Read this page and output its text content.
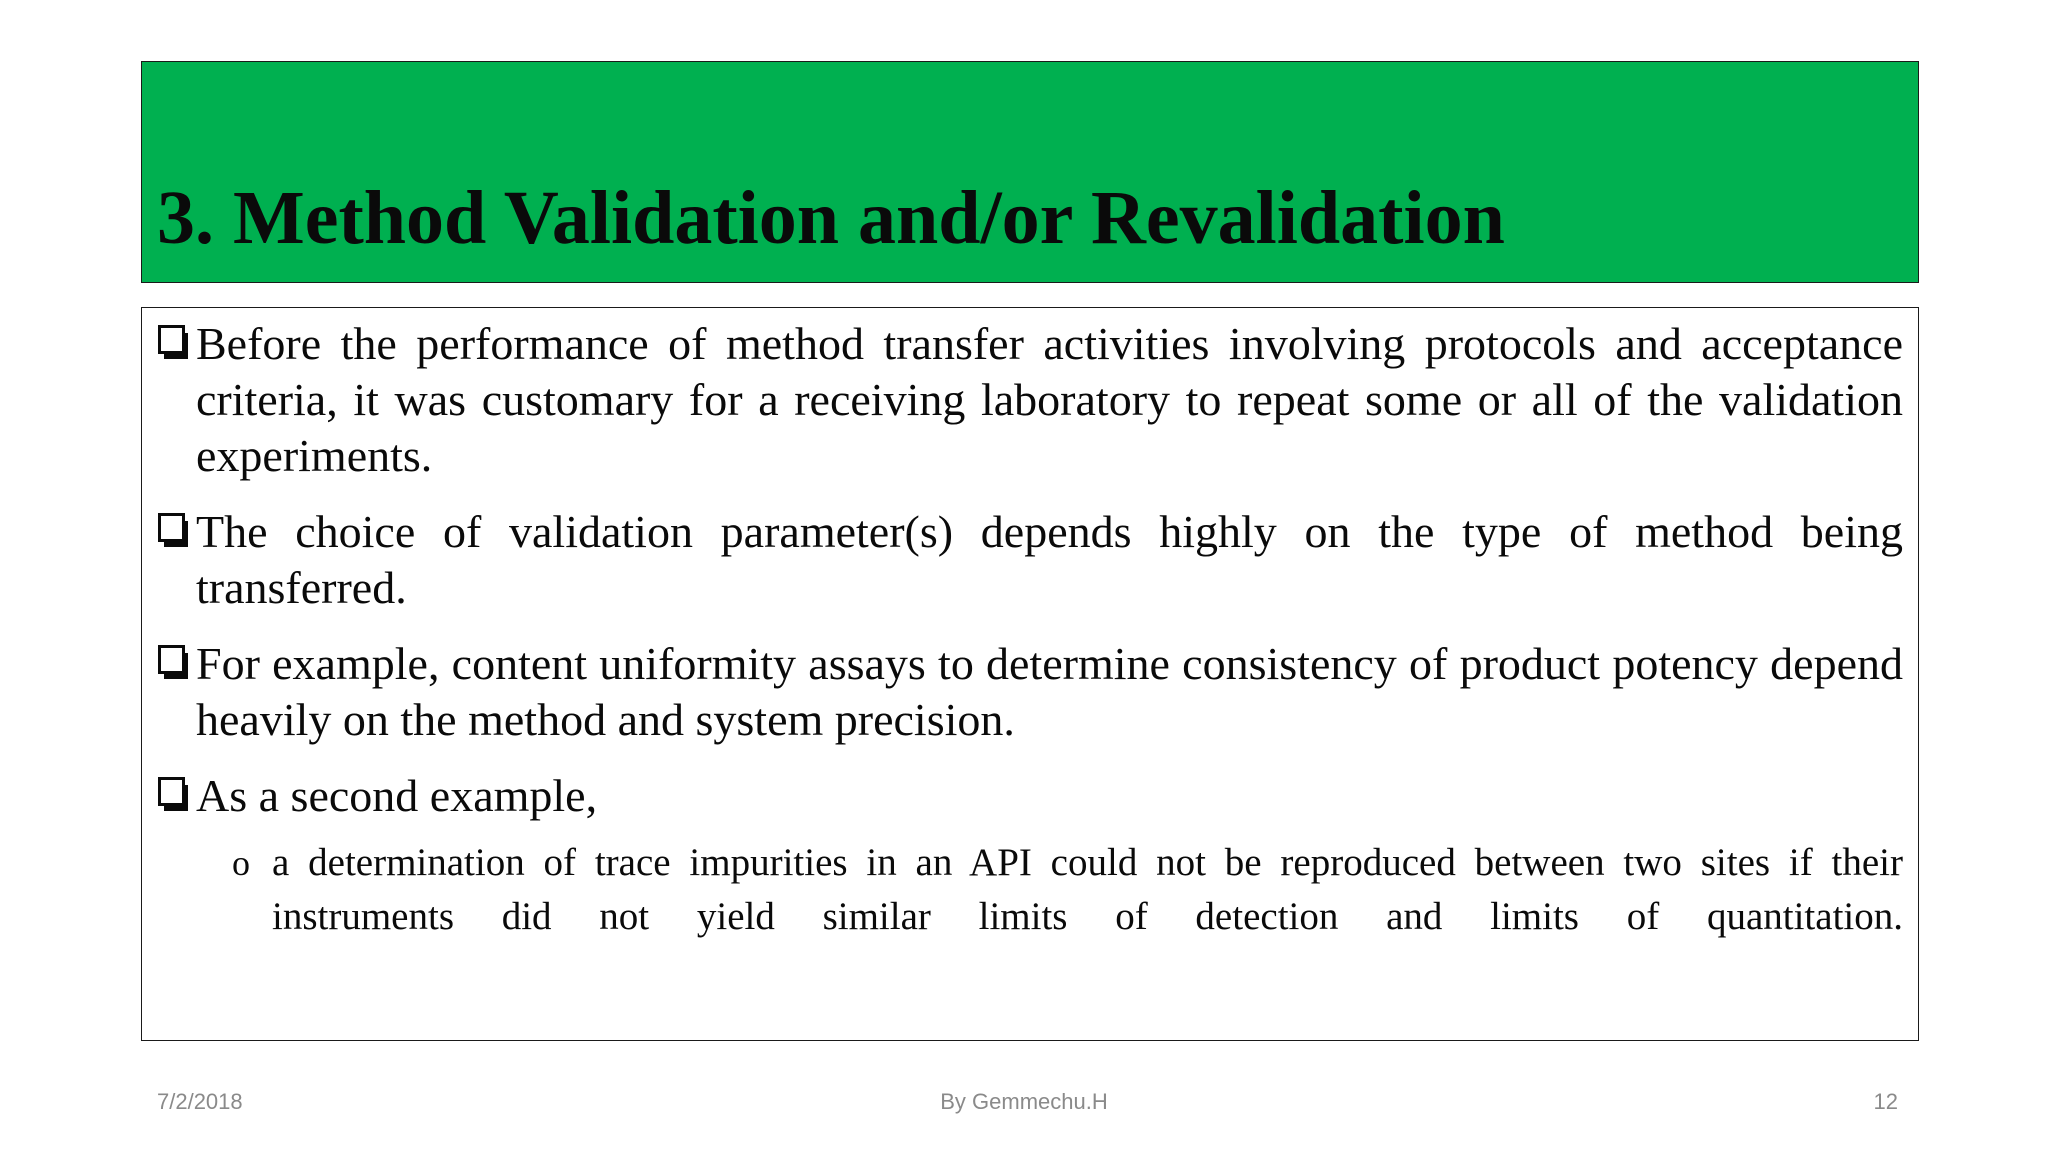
3. Method Validation and/or Revalidation

Before the performance of method transfer activities involving protocols and acceptance criteria, it was customary for a receiving laboratory to repeat some or all of the validation experiments.

The choice of validation parameter(s) depends highly on the type of method being transferred.

For example, content uniformity assays to determine consistency of product potency depend heavily on the method and system precision.

As a second example,

o a determination of trace impurities in an API could not be reproduced between two sites if their instruments did not yield similar limits of detection and limits of quantitation.

By Gemmechu.H
7/2/2018	12
